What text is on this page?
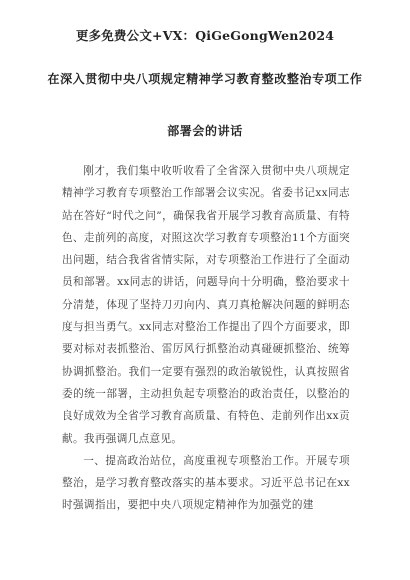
更多免费公文+VX：QiGeGongWen2024
在深入贯彻中央八项规定精神学习教育整改整治专项工作
部署会的讲话

刚才，我们集中收听收看了全省深入贯彻中央八项规定精神学习教育专项整治工作部署会议实况。省委书记xx同志站在答好“时代之问”，确保我省开展学习教育高质量、有特色、走前列的高度，对照这次学习教育专项整治11个方面突出问题，结合我省省情实际，对专项整治工作进行了全面动员和部署。xx同志的讲话，问题导向十分明确，整治要求十分清楚，体现了坚持刀刃向内、真刀真枪解决问题的鲜明态度与担当勇气。xx同志对整治工作提出了四个方面要求，即要对标对表抓整治、雷厉风行抓整治动真碰硬抓整治、统筹协调抓整治。我们一定要有强烈的政治敏锐性，认真按照省委的统一部署，主动担负起专项整治的政治责任，以整治的良好成效为全省学习教育高质量、有特色、走前列作出xx贡献。我再强调几点意见。

一、提高政治站位，高度重视专项整治工作。开展专项整治，是学习教育整改落实的基本要求。习近平总书记在xx时强调指出，要把中央八项规定精神作为加强党的建
